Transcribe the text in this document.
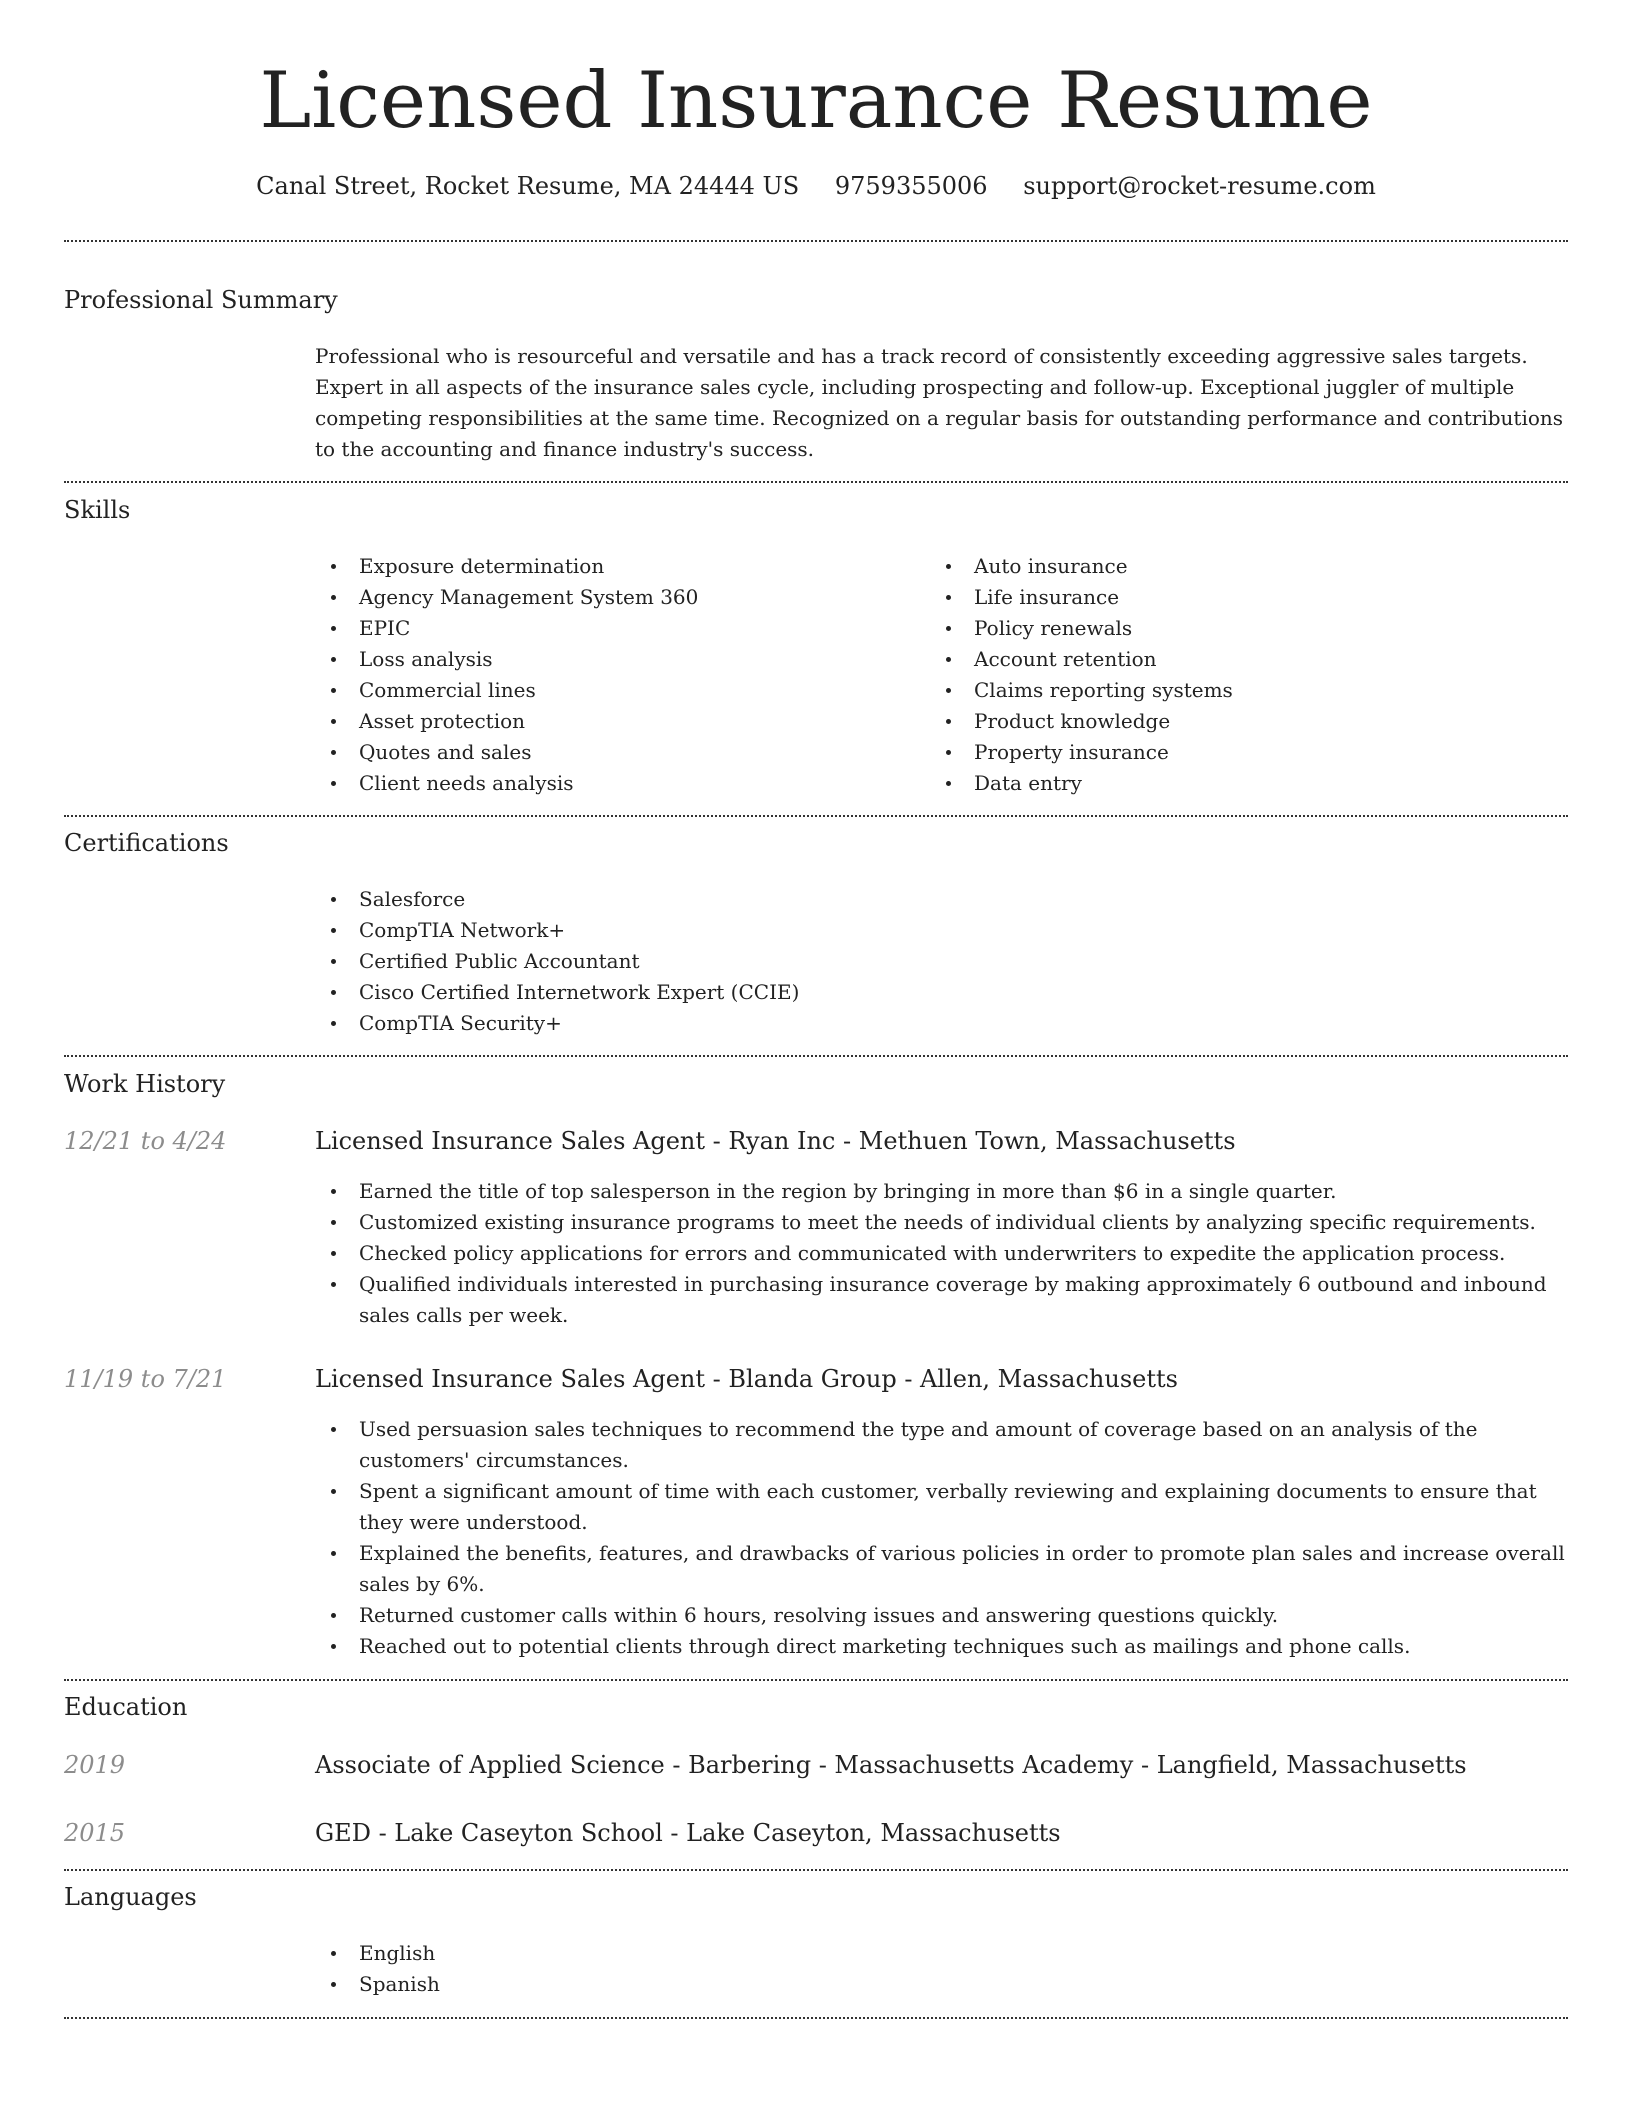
Licensed Insurance Resume
Canal Street, Rocket Resume, MA 24444 US 9759355006 support@rocket-resume.com
Professional Summary
Professional who is resourceful and versatile and has a track record of consistently exceeding aggressive sales targets. Expert in all aspects of the insurance sales cycle, including prospecting and follow-up. Exceptional juggler of multiple competing responsibilities at the same time. Recognized on a regular basis for outstanding performance and contributions to the accounting and finance industry's success.
Skills
Exposure determination
Agency Management System 360
EPIC
Loss analysis
Commercial lines
Asset protection
Quotes and sales
Client needs analysis
Auto insurance
Life insurance
Policy renewals
Account retention
Claims reporting systems
Product knowledge
Property insurance
Data entry
Certifications
Salesforce
CompTIA Network+
Certified Public Accountant
Cisco Certified Internetwork Expert (CCIE)
CompTIA Security+
Work History
12/21 to 4/24	Licensed Insurance Sales Agent - Ryan Inc - Methuen Town, Massachusetts
Earned the title of top salesperson in the region by bringing in more than $6 in a single quarter.
Customized existing insurance programs to meet the needs of individual clients by analyzing specific requirements.
Checked policy applications for errors and communicated with underwriters to expedite the application process.
Qualified individuals interested in purchasing insurance coverage by making approximately 6 outbound and inbound sales calls per week.
11/19 to 7/21	Licensed Insurance Sales Agent - Blanda Group - Allen, Massachusetts
Used persuasion sales techniques to recommend the type and amount of coverage based on an analysis of the customers' circumstances.
Spent a significant amount of time with each customer, verbally reviewing and explaining documents to ensure that they were understood.
Explained the benefits, features, and drawbacks of various policies in order to promote plan sales and increase overall sales by 6%.
Returned customer calls within 6 hours, resolving issues and answering questions quickly.
Reached out to potential clients through direct marketing techniques such as mailings and phone calls.
Education
2019	Associate of Applied Science - Barbering - Massachusetts Academy - Langfield, Massachusetts
2015	GED - Lake Caseyton School - Lake Caseyton, Massachusetts
Languages
English
Spanish
